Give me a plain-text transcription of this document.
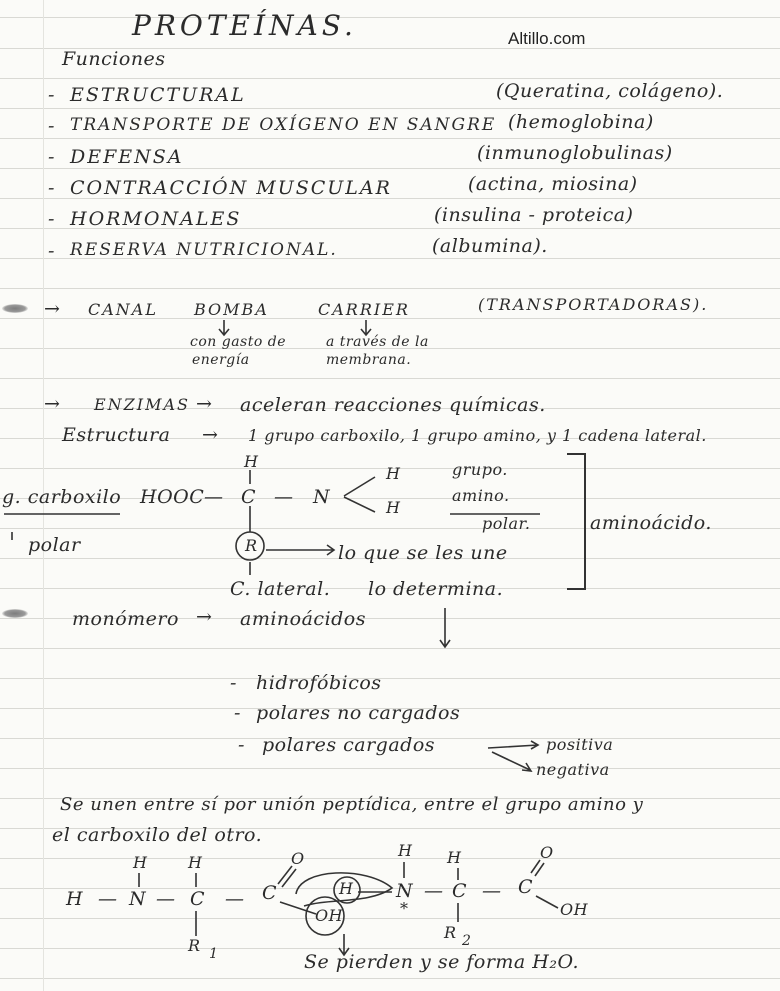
Altillo.com
PROTEÍNAS.
Funciones
- ESTRUCTURAL	(Queratina, colágeno).
- TRANSPORTE DE OXÍGENO EN SANGRE (hemoglobina)
- DEFENSA	(inmunoglobulinas)
- CONTRACCIÓN MUSCULAR	(actina, miosina)
- HORMONALES	(insulina - proteica)
- RESERVA NUTRICIONAL.	(albumina).
→ CANAL BOMBA	CARRIER	(TRANSPORTADORAS).
con gasto de
energía
a través de la
membrana.
→ ENZIMAS → aceleran reacciones químicas.
Estructura → 1 grupo carboxilo, 1 grupo amino, y 1 cadena lateral.
H
g. carboxilo HOOC — C — N
H
H
grupo.
amino.
polar.
polar	R	lo que se les une
C. lateral. lo determina.
aminoácido.
monómero → aminoácidos
- hidrofóbicos
- polares no cargados
- polares cargados	positiva
negativa
Se unen entre sí por unión peptídica, entre el grupo amino y
el carboxilo del otro.
H	H	O	H H	O
H — N — C — C	H N
*
— C — C
OH	OH
R 1
R 2
Se pierden y se forma H₂O.
